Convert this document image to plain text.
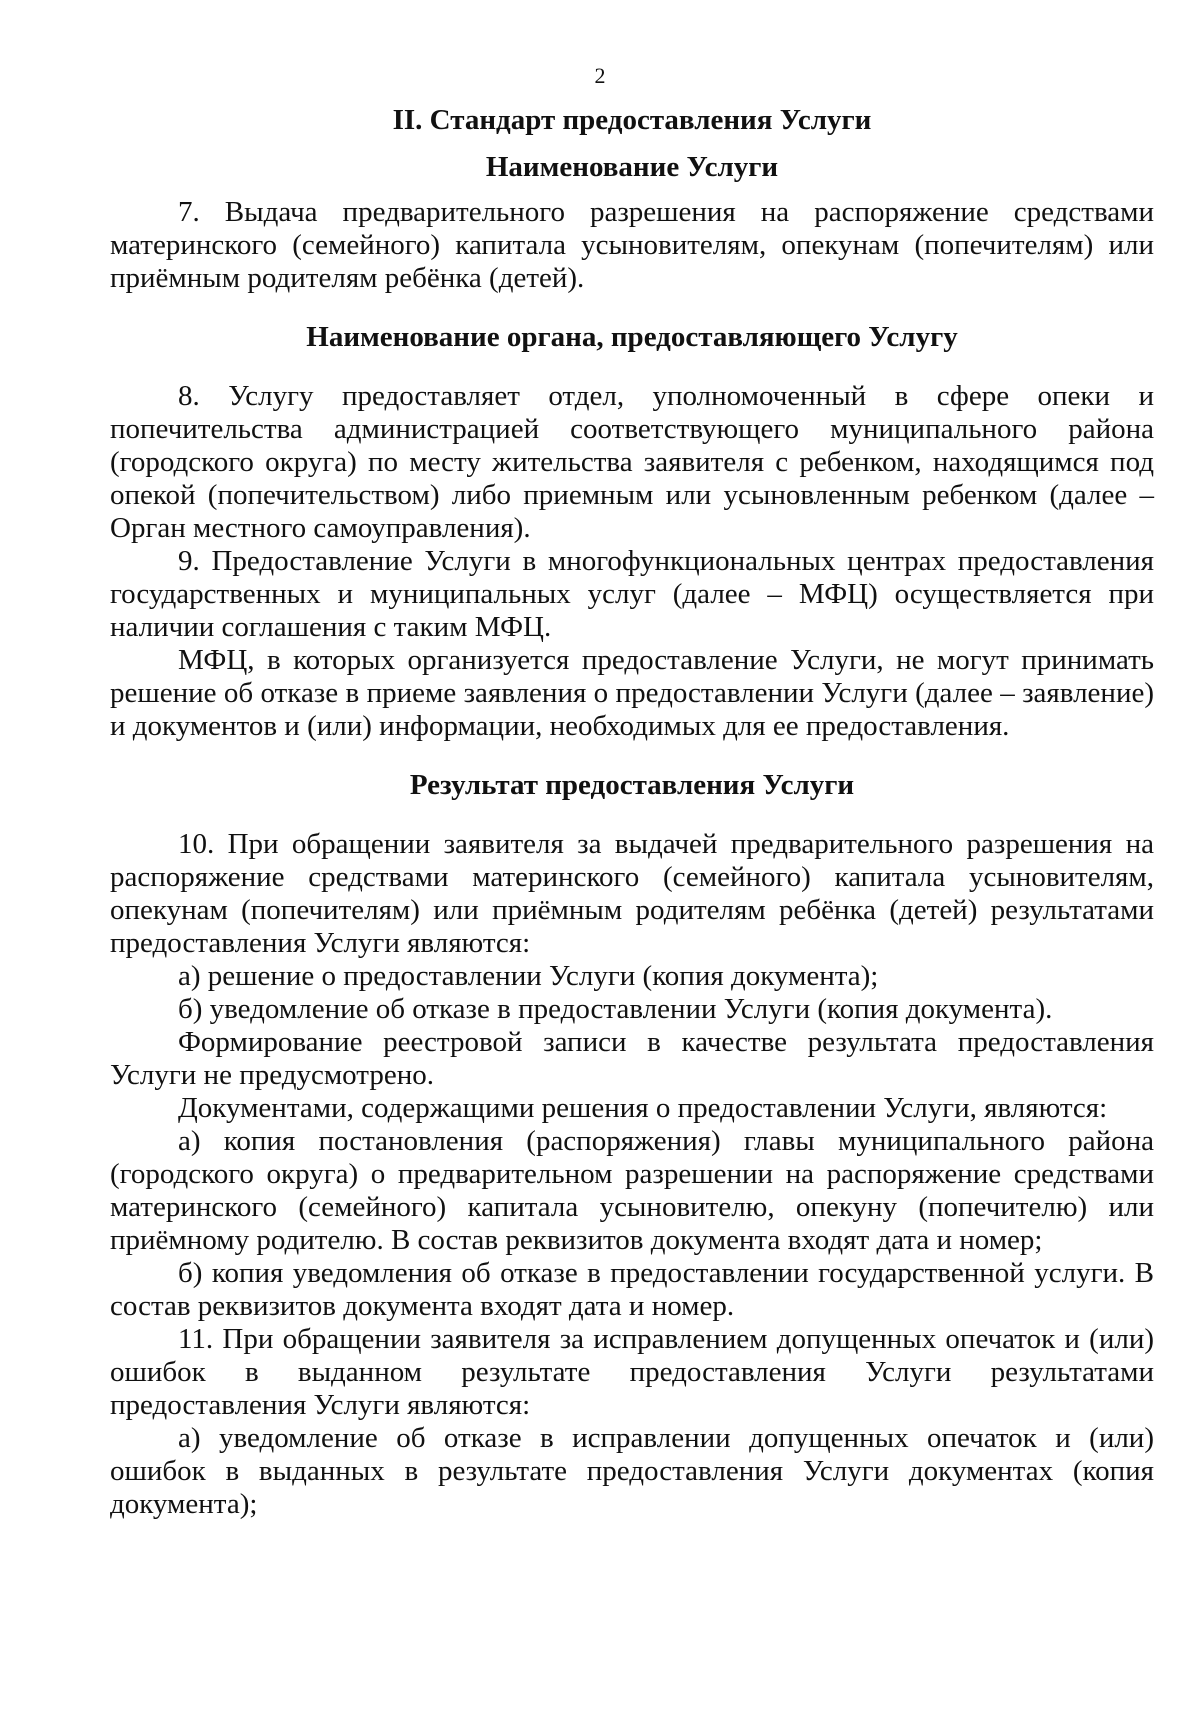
2
II. Стандарт предоставления Услуги
Наименование Услуги

7. Выдача предварительного разрешения на распоряжение средствами материнского (семейного) капитала усыновителям, опекунам (попечителям) или приёмным родителям ребёнка (детей).

Наименование органа, предоставляющего Услугу

8. Услугу предоставляет отдел, уполномоченный в сфере опеки и попечительства администрацией соответствующего муниципального района (городского округа) по месту жительства заявителя с ребенком, находящимся под опекой (попечительством) либо приемным или усыновленным ребенком (далее – Орган местного самоуправления).

9. Предоставление Услуги в многофункциональных центрах предоставления государственных и муниципальных услуг (далее – МФЦ) осуществляется при наличии соглашения с таким МФЦ.

МФЦ, в которых организуется предоставление Услуги, не могут принимать решение об отказе в приеме заявления о предоставлении Услуги (далее – заявление) и документов и (или) информации, необходимых для ее предоставления.

Результат предоставления Услуги

10. При обращении заявителя за выдачей предварительного разрешения на распоряжение средствами материнского (семейного) капитала усыновителям, опекунам (попечителям) или приёмным родителям ребёнка (детей) результатами предоставления Услуги являются:

а) решение о предоставлении Услуги (копия документа);

б) уведомление об отказе в предоставлении Услуги (копия документа).

Формирование реестровой записи в качестве результата предоставления Услуги не предусмотрено.

Документами, содержащими решения о предоставлении Услуги, являются:

а) копия постановления (распоряжения) главы муниципального района (городского округа) о предварительном разрешении на распоряжение средствами материнского (семейного) капитала усыновителю, опекуну (попечителю) или приёмному родителю. В состав реквизитов документа входят дата и номер;

б) копия уведомления об отказе в предоставлении государственной услуги. В состав реквизитов документа входят дата и номер.

11. При обращении заявителя за исправлением допущенных опечаток и (или) ошибок в выданном результате предоставления Услуги результатами предоставления Услуги являются:

а) уведомление об отказе в исправлении допущенных опечаток и (или) ошибок в выданных в результате предоставления Услуги документах (копия документа);
